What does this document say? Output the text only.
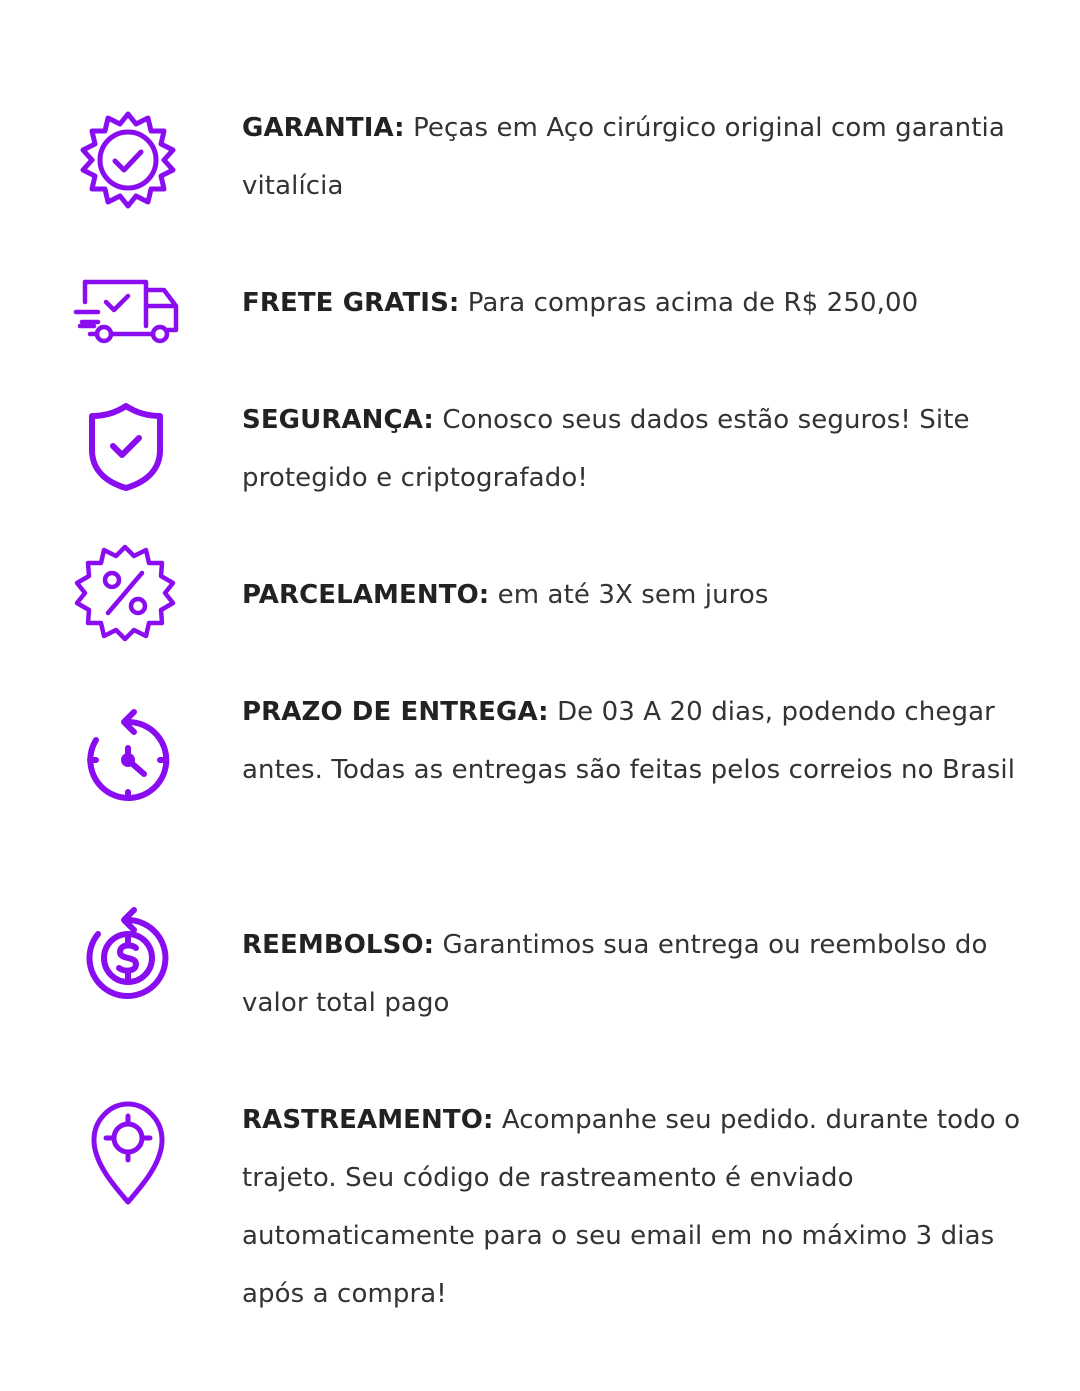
GARANTIA: Peças em Aço cirúrgico original com garantia vitalícia
FRETE GRATIS: Para compras acima de R$ 250,00
SEGURANÇA: Conosco seus dados estão seguros! Site protegido e criptografado!
PARCELAMENTO: em até 3X sem juros
PRAZO DE ENTREGA: De 03 A 20 dias, podendo chegar antes. Todas as entregas são feitas pelos correios no Brasil
REEMBOLSO: Garantimos sua entrega ou reembolso do valor total pago
RASTREAMENTO: Acompanhe seu pedido. durante todo o trajeto. Seu código de rastreamento é enviado automaticamente para o seu email em no máximo 3 dias após a compra!
